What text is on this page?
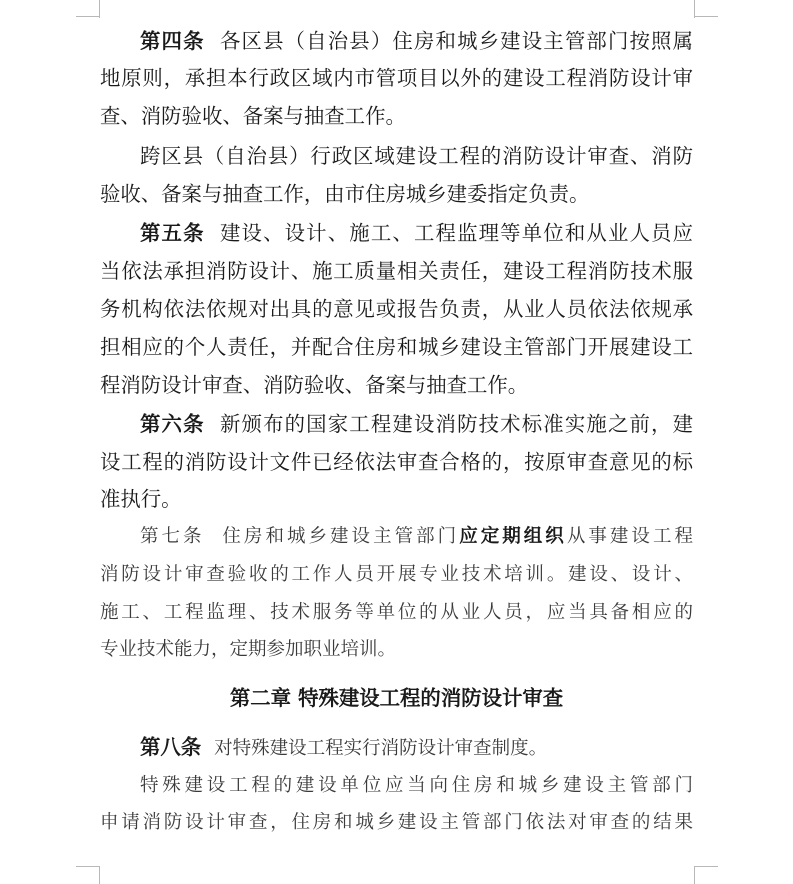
第四条 各区县（自治县）住房和城乡建设主管部门按照属
地原则，承担本行政区域内市管项目以外的建设工程消防设计审
查、消防验收、备案与抽查工作。
跨区县（自治县）行政区域建设工程的消防设计审查、消防
验收、备案与抽查工作，由市住房城乡建委指定负责。
第五条 建设、设计、施工、工程监理等单位和从业人员应
当依法承担消防设计、施工质量相关责任，建设工程消防技术服
务机构依法依规对出具的意见或报告负责，从业人员依法依规承
担相应的个人责任，并配合住房和城乡建设主管部门开展建设工
程消防设计审查、消防验收、备案与抽查工作。
第六条 新颁布的国家工程建设消防技术标准实施之前，建
设工程的消防设计文件已经依法审查合格的，按原审查意见的标
准执行。
第七条 住房和城乡建设主管部门应定期组织从事建设工程
消防设计审查验收的工作人员开展专业技术培训。建设、设计、
施工、工程监理、技术服务等单位的从业人员，应当具备相应的
专业技术能力，定期参加职业培训。
第二章 特殊建设工程的消防设计审查
第八条 对特殊建设工程实行消防设计审查制度。
特殊建设工程的建设单位应当向住房和城乡建设主管部门
申请消防设计审查，住房和城乡建设主管部门依法对审查的结果
